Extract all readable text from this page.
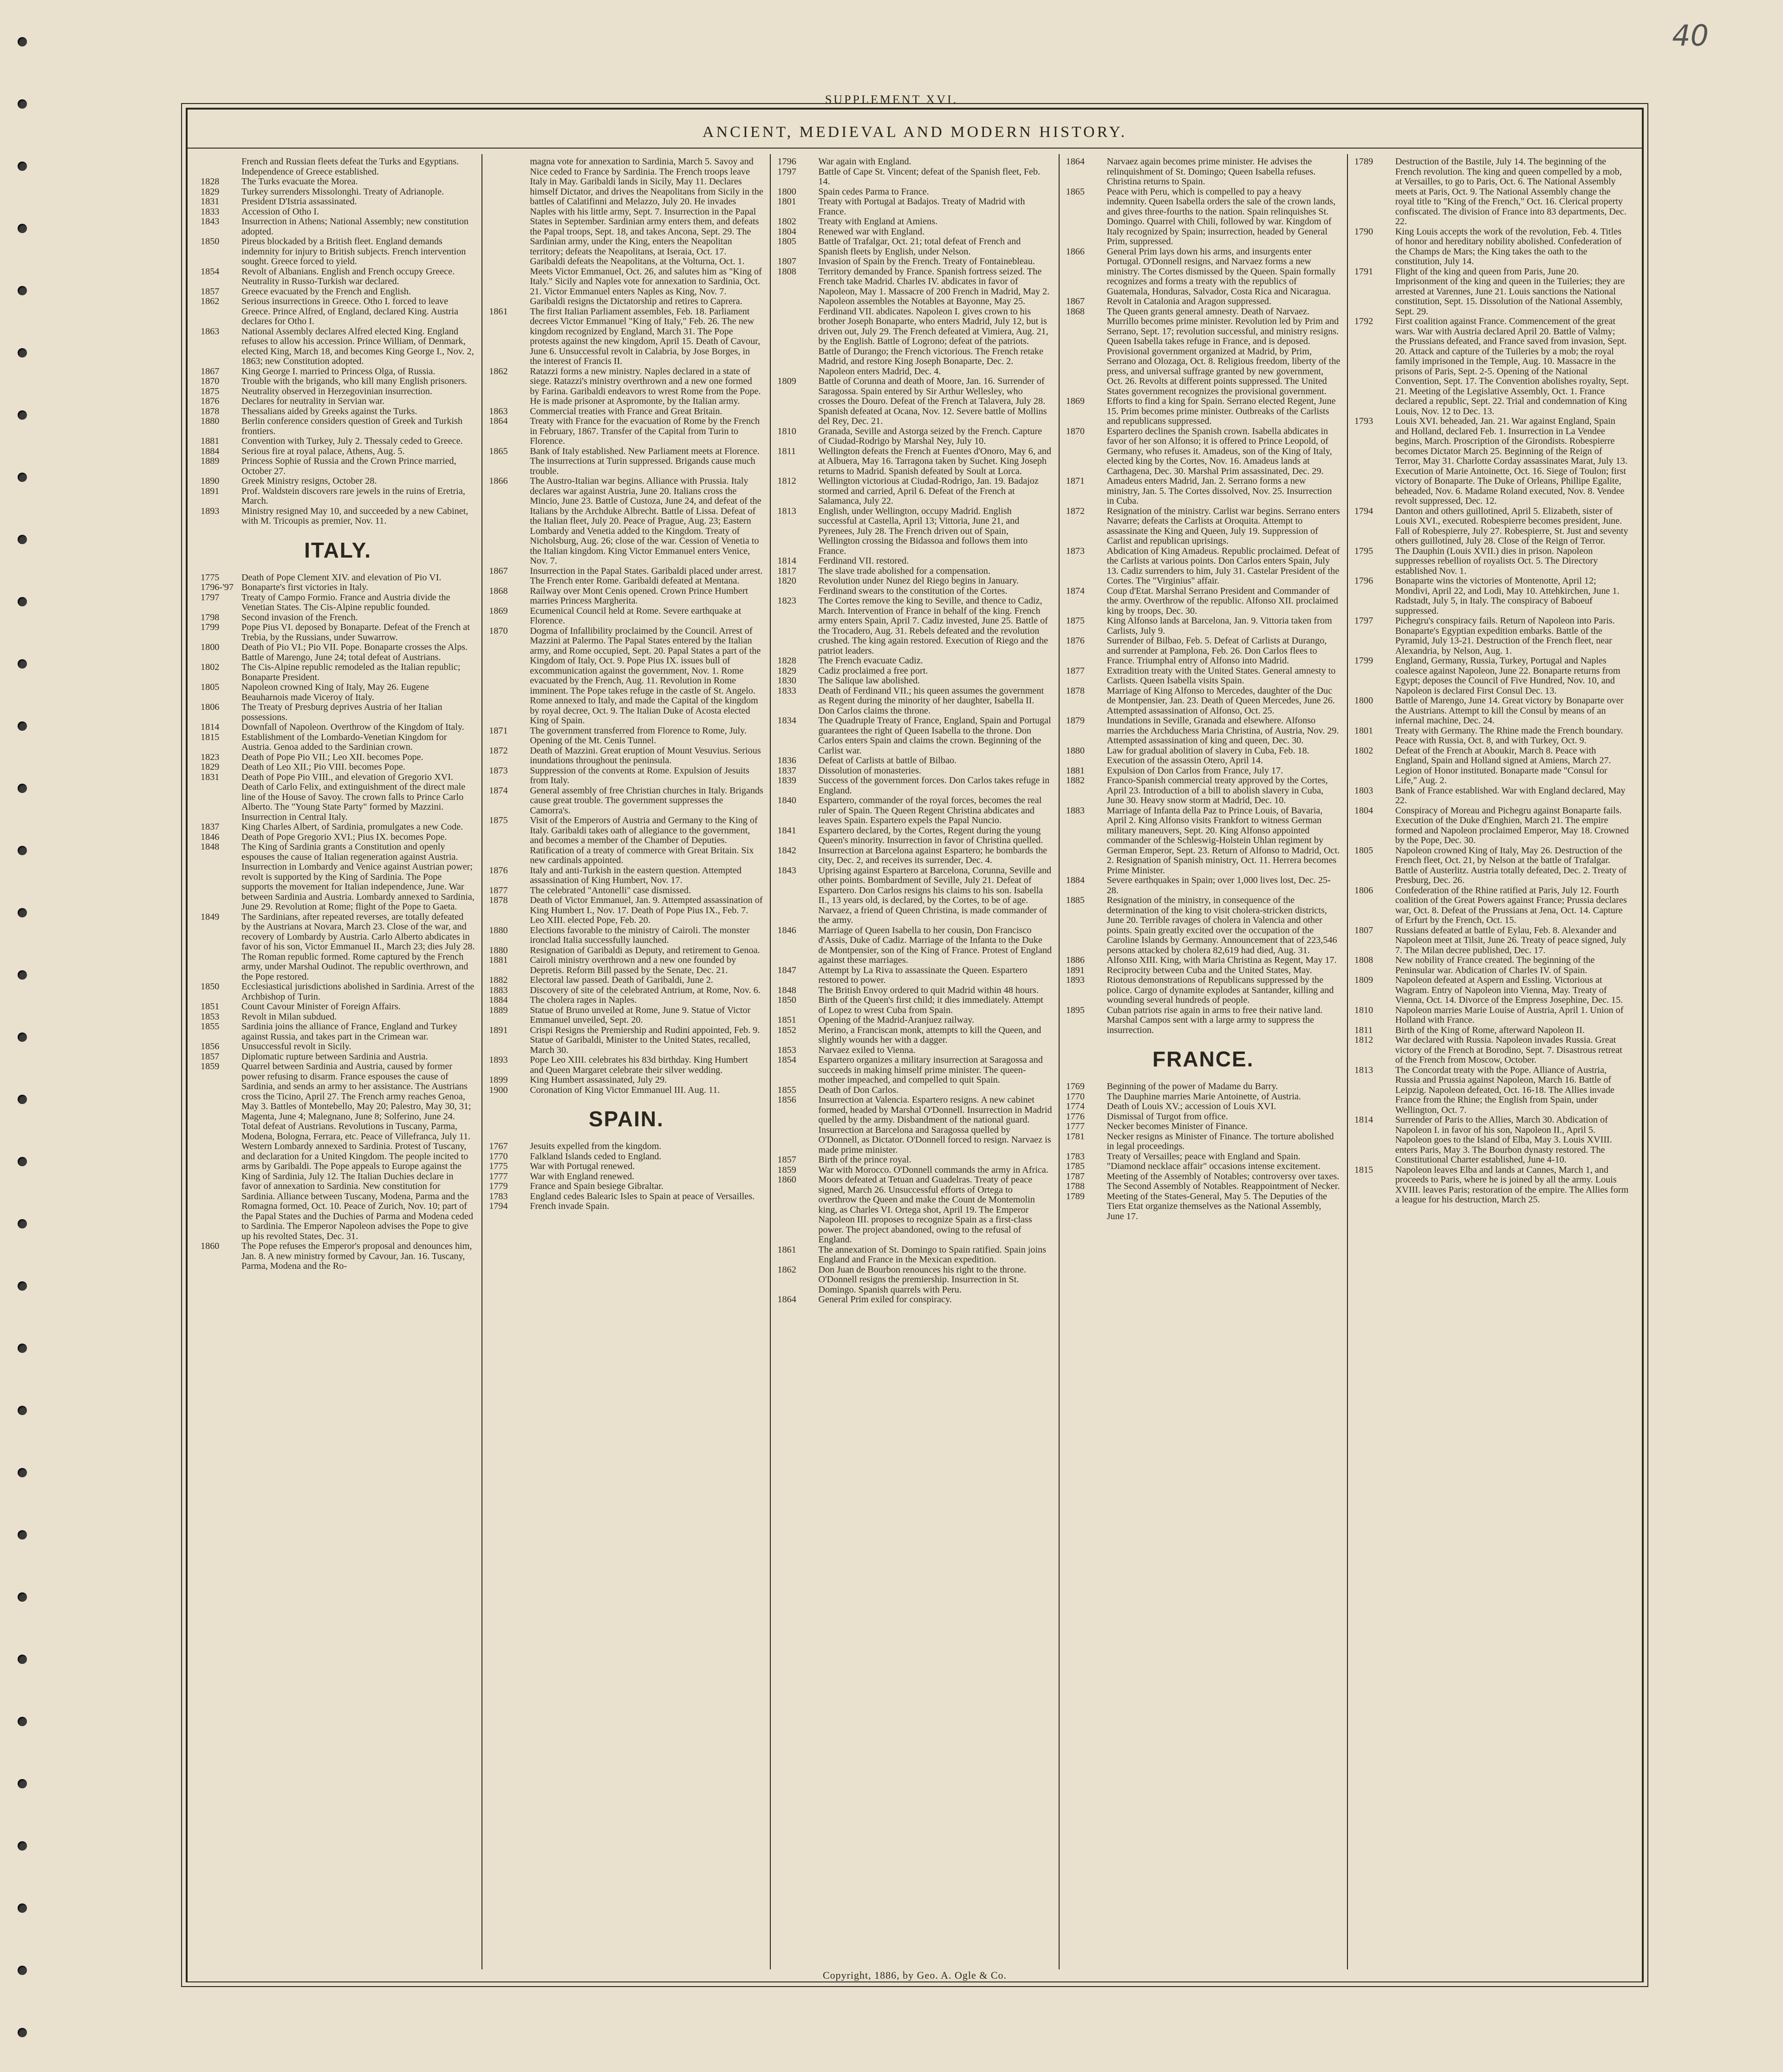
40
SUPPLEMENT XVI.
ANCIENT, MEDIEVAL AND MODERN HISTORY.
French and Russian fleets defeat the Turks and Egyptians.
Independence of Greece established.
1828	The Turks evacuate the Morea.
1829	Turkey surrenders Missolonghi. Treaty of Adrianople.
1831	President D'Istria assassinated.
1833	Accession of Otho I.
1843	Insurrection in Athens; National Assembly; new constitution adopted.
1850	Pireus blockaded by a British fleet. England demands indemnity for injury to British subjects. French intervention sought. Greece forced to yield.
1854	Revolt of Albanians. English and French occupy Greece. Neutrality in Russo-Turkish war declared.
1857	Greece evacuated by the French and English.
1862	Serious insurrections in Greece. Otho I. forced to leave Greece. Prince Alfred, of England, declared King. Austria declares for Otho I.
1863	National Assembly declares Alfred elected King. England refuses to allow his accession. Prince William, of Denmark, elected King, March 18, and becomes King George I., Nov. 2, 1863; new Constitution adopted.
1867	King George I. married to Princess Olga, of Russia.
1870	Trouble with the brigands, who kill many English prisoners.
1875	Neutrality observed in Herzegovinian insurrection.
1876	Declares for neutrality in Servian war.
1878	Thessalians aided by Greeks against the Turks.
1880	Berlin conference considers question of Greek and Turkish frontiers.
1881	Convention with Turkey, July 2. Thessaly ceded to Greece.
1884	Serious fire at royal palace, Athens, Aug. 5.
1889	Princess Sophie of Russia and the Crown Prince married, October 27.
1890	Greek Ministry resigns, October 28.
1891	Prof. Waldstein discovers rare jewels in the ruins of Eretria, March.
1893	Ministry resigned May 10, and succeeded by a new Cabinet, with M. Tricoupis as premier, Nov. 11.
ITALY.
1775	Death of Pope Clement XIV. and elevation of Pio VI.
1796-'97 Bonaparte's first victories in Italy.
1797	Treaty of Campo Formio. France and Austria divide the Venetian States. The Cis-Alpine republic founded.
1798	Second invasion of the French.
1799	Pope Pius VI. deposed by Bonaparte. Defeat of the French at Trebia, by the Russians, under Suwarrow.
1800	Death of Pio VI.; Pio VII. Pope. Bonaparte crosses the Alps. Battle of Marengo, June 24; total defeat of Austrians.
1802	The Cis-Alpine republic remodeled as the Italian republic; Bonaparte President.
1805	Napoleon crowned King of Italy, May 26. Eugene Beauharnois made Viceroy of Italy.
1806	The Treaty of Presburg deprives Austria of her Italian possessions.
1814	Downfall of Napoleon. Overthrow of the Kingdom of Italy.
1815	Establishment of the Lombardo-Venetian Kingdom for Austria. Genoa added to the Sardinian crown.
1823	Death of Pope Pio VII.; Leo XII. becomes Pope.
1829	Death of Leo XII.; Pio VIII. becomes Pope.
1831	Death of Pope Pio VIII., and elevation of Gregorio XVI. Death of Carlo Felix, and extinguishment of the direct male line of the House of Savoy. The crown falls to Prince Carlo Alberto. The "Young State Party" formed by Mazzini. Insurrection in Central Italy.
1837	King Charles Albert, of Sardinia, promulgates a new Code.
1846	Death of Pope Gregorio XVI.; Pius IX. becomes Pope.
1848	The King of Sardinia grants a Constitution and openly espouses the cause of Italian regeneration against Austria. Insurrection in Lombardy and Venice against Austrian power; revolt is supported by the King of Sardinia. The Pope supports the movement for Italian independence, June. War between Sardinia and Austria. Lombardy annexed to Sardinia, June 29. Revolution at Rome; flight of the Pope to Gaeta.
1849	The Sardinians, after repeated reverses, are totally defeated by the Austrians at Novara, March 23. Close of the war, and recovery of Lombardy by Austria. Carlo Alberto abdicates in favor of his son, Victor Emmanuel II., March 23; dies July 28. The Roman republic formed. Rome captured by the French army, under Marshal Oudinot. The republic overthrown, and the Pope restored.
1850	Ecclesiastical jurisdictions abolished in Sardinia. Arrest of the Archbishop of Turin.
1851	Count Cavour Minister of Foreign Affairs.
1853	Revolt in Milan subdued.
1855	Sardinia joins the alliance of France, England and Turkey against Russia, and takes part in the Crimean war.
1856	Unsuccessful revolt in Sicily.
1857	Diplomatic rupture between Sardinia and Austria.
1859	Quarrel between Sardinia and Austria, caused by former power refusing to disarm. France espouses the cause of Sardinia, and sends an army to her assistance. The Austrians cross the Ticino, April 27. The French army reaches Genoa, May 3. Battles of Montebello, May 20; Palestro, May 30, 31; Magenta, June 4; Malegnano, June 8; Solferino, June 24. Total defeat of Austrians. Revolutions in Tuscany, Parma, Modena, Bologna, Ferrara, etc. Peace of Villefranca, July 11. Western Lombardy annexed to Sardinia. Protest of Tuscany, and declaration for a United Kingdom. The people incited to arms by Garibaldi. The Pope appeals to Europe against the King of Sardinia, July 12. The Italian Duchies declare in favor of annexation to Sardinia. New constitution for Sardinia. Alliance between Tuscany, Modena, Parma and the Romagna formed, Oct. 10. Peace of Zurich, Nov. 10; part of the Papal States and the Duchies of Parma and Modena ceded to Sardinia. The Emperor Napoleon advises the Pope to give up his revolted States, Dec. 31.
1860	The Pope refuses the Emperor's proposal and denounces him, Jan. 8. A new ministry formed by Cavour, Jan. 16. Tuscany, Parma, Modena and the Ro-
magna vote for annexation to Sardinia, March 5. Savoy and Nice ceded to France by Sardinia. The French troops leave Italy in May. Garibaldi lands in Sicily, May 11. Declares himself Dictator, and drives the Neapolitans from Sicily in the battles of Calatifinni and Melazzo, July 20. He invades Naples with his little army, Sept. 7. Insurrection in the Papal States in September. Sardinian army enters them, and defeats the Papal troops, Sept. 18, and takes Ancona, Sept. 29. The Sardinian army, under the King, enters the Neapolitan territory; defeats the Neapolitans, at Iseraia, Oct. 17. Garibaldi defeats the Neapolitans, at the Volturna, Oct. 1. Meets Victor Emmanuel, Oct. 26, and salutes him as "King of Italy." Sicily and Naples vote for annexation to Sardinia, Oct. 21. Victor Emmanuel enters Naples as King, Nov. 7. Garibaldi resigns the Dictatorship and retires to Caprera.
1861	The first Italian Parliament assembles, Feb. 18. Parliament decrees Victor Emmanuel "King of Italy," Feb. 26. The new kingdom recognized by England, March 31. The Pope protests against the new kingdom, April 15. Death of Cavour, June 6. Unsuccessful revolt in Calabria, by Jose Borges, in the interest of Francis II.
1862	Ratazzi forms a new ministry. Naples declared in a state of siege. Ratazzi's ministry overthrown and a new one formed by Farina. Garibaldi endeavors to wrest Rome from the Pope. He is made prisoner at Aspromonte, by the Italian army.
1863	Commercial treaties with France and Great Britain.
1864	Treaty with France for the evacuation of Rome by the French in February, 1867. Transfer of the Capital from Turin to Florence.
1865	Bank of Italy established. New Parliament meets at Florence. The insurrections at Turin suppressed. Brigands cause much trouble.
1866	The Austro-Italian war begins. Alliance with Prussia. Italy declares war against Austria, June 20. Italians cross the Mincio, June 23. Battle of Custoza, June 24, and defeat of the Italians by the Archduke Albrecht. Battle of Lissa. Defeat of the Italian fleet, July 20. Peace of Prague, Aug. 23; Eastern Lombardy and Venetia added to the Kingdom. Treaty of Nicholsburg, Aug. 26; close of the war. Cession of Venetia to the Italian kingdom. King Victor Emmanuel enters Venice, Nov. 7.
1867	Insurrection in the Papal States. Garibaldi placed under arrest. The French enter Rome. Garibaldi defeated at Mentana.
1868	Railway over Mont Cenis opened. Crown Prince Humbert marries Princess Margherita.
1869	Ecumenical Council held at Rome. Severe earthquake at Florence.
1870	Dogma of Infallibility proclaimed by the Council. Arrest of Mazzini at Palermo. The Papal States entered by the Italian army, and Rome occupied, Sept. 20. Papal States a part of the Kingdom of Italy, Oct. 9. Pope Pius IX. issues bull of excommunication against the government, Nov. 1. Rome evacuated by the French, Aug. 11. Revolution in Rome imminent. The Pope takes refuge in the castle of St. Angelo. Rome annexed to Italy, and made the Capital of the kingdom by royal decree, Oct. 9. The Italian Duke of Acosta elected King of Spain.
1871	The government transferred from Florence to Rome, July. Opening of the Mt. Cenis Tunnel.
1872	Death of Mazzini. Great eruption of Mount Vesuvius. Serious inundations throughout the peninsula.
1873	Suppression of the convents at Rome. Expulsion of Jesuits from Italy.
1874	General assembly of free Christian churches in Italy. Brigands cause great trouble. The government suppresses the Camorra's.
1875	Visit of the Emperors of Austria and Germany to the King of Italy. Garibaldi takes oath of allegiance to the government, and becomes a member of the Chamber of Deputies. Ratification of a treaty of commerce with Great Britain. Six new cardinals appointed.
1876	Italy and anti-Turkish in the eastern question. Attempted assassination of King Humbert, Nov. 17.
1877	The celebrated "Antonelli" case dismissed.
1878	Death of Victor Emmanuel, Jan. 9. Attempted assassination of King Humbert I., Nov. 17. Death of Pope Pius IX., Feb. 7. Leo XIII. elected Pope, Feb. 20.
1880	Elections favorable to the ministry of Cairoli. The monster ironclad Italia successfully launched.
1880	Resignation of Garibaldi as Deputy, and retirement to Genoa.
1881	Cairoli ministry overthrown and a new one founded by Depretis. Reform Bill passed by the Senate, Dec. 21.
1882	Electoral law passed. Death of Garibaldi, June 2.
1883	Discovery of site of the celebrated Antrium, at Rome, Nov. 6.
1884	The cholera rages in Naples.
1889	Statue of Bruno unveiled at Rome, June 9. Statue of Victor Emmanuel unveiled, Sept. 20.
1891	Crispi Resigns the Premiership and Rudini appointed, Feb. 9. Statue of Garibaldi, Minister to the United States, recalled, March 30.
1893	Pope Leo XIII. celebrates his 83d birthday. King Humbert and Queen Margaret celebrate their silver wedding.
1899	King Humbert assassinated, July 29.
1900	Coronation of King Victor Emmanuel III. Aug. 11.
SPAIN.
1767	Jesuits expelled from the kingdom.
1770	Falkland Islands ceded to England.
1775	War with Portugal renewed.
1777	War with England renewed.
1779	France and Spain besiege Gibraltar.
1783	England cedes Balearic Isles to Spain at peace of Versailles.
1794	French invade Spain.
1796	War again with England.
1797	Battle of Cape St. Vincent; defeat of the Spanish fleet, Feb. 14.
1800	Spain cedes Parma to France.
1801	Treaty with Portugal at Badajos. Treaty of Madrid with France.
1802	Treaty with England at Amiens.
1804	Renewed war with England.
1805	Battle of Trafalgar, Oct. 21; total defeat of French and Spanish fleets by English, under Nelson.
1807	Invasion of Spain by the French. Treaty of Fontainebleau.
1808	Territory demanded by France. Spanish fortress seized. The French take Madrid. Charles IV. abdicates in favor of Napoleon, May 1. Massacre of 200 French in Madrid, May 2. Napoleon assembles the Notables at Bayonne, May 25. Ferdinand VII. abdicates. Napoleon I. gives crown to his brother Joseph Bonaparte, who enters Madrid, July 12, but is driven out, July 29. The French defeated at Vimiera, Aug. 21, by the English. Battle of Logrono; defeat of the patriots. Battle of Durango; the French victorious. The French retake Madrid, and restore King Joseph Bonaparte, Dec. 2. Napoleon enters Madrid, Dec. 4.
1809	Battle of Corunna and death of Moore, Jan. 16. Surrender of Saragossa. Spain entered by Sir Arthur Wellesley, who crosses the Douro. Defeat of the French at Talavera, July 28. Spanish defeated at Ocana, Nov. 12. Severe battle of Mollins del Rey, Dec. 21.
1810	Granada, Seville and Astorga seized by the French. Capture of Ciudad-Rodrigo by Marshal Ney, July 10.
1811	Wellington defeats the French at Fuentes d'Onoro, May 6, and at Albuera, May 16. Tarragona taken by Suchet. King Joseph returns to Madrid. Spanish defeated by Soult at Lorca.
1812	Wellington victorious at Ciudad-Rodrigo, Jan. 19. Badajoz stormed and carried, April 6. Defeat of the French at Salamanca, July 22.
1813	English, under Wellington, occupy Madrid. English successful at Castella, April 13; Vittoria, June 21, and Pyrenees, July 28. The French driven out of Spain, Wellington crossing the Bidassoa and follows them into France.
1814	Ferdinand VII. restored.
1817	The slave trade abolished for a compensation.
1820	Revolution under Nunez del Riego begins in January. Ferdinand swears to the constitution of the Cortes.
1823	The Cortes remove the king to Seville, and thence to Cadiz, March. Intervention of France in behalf of the king. French army enters Spain, April 7. Cadiz invested, June 25. Battle of the Trocadero, Aug. 31. Rebels defeated and the revolution crushed. The king again restored. Execution of Riego and the patriot leaders.
1828	The French evacuate Cadiz.
1829	Cadiz proclaimed a free port.
1830	The Salique law abolished.
1833	Death of Ferdinand VII.; his queen assumes the government as Regent during the minority of her daughter, Isabella II. Don Carlos claims the throne.
1834	The Quadruple Treaty of France, England, Spain and Portugal guarantees the right of Queen Isabella to the throne. Don Carlos enters Spain and claims the crown. Beginning of the Carlist war.
1836	Defeat of Carlists at battle of Bilbao.
1837	Dissolution of monasteries.
1839	Success of the government forces. Don Carlos takes refuge in England.
1840	Espartero, commander of the royal forces, becomes the real ruler of Spain. The Queen Regent Christina abdicates and leaves Spain. Espartero expels the Papal Nuncio.
1841	Espartero declared, by the Cortes, Regent during the young Queen's minority. Insurrection in favor of Christina quelled.
1842	Insurrection at Barcelona against Espartero; he bombards the city, Dec. 2, and receives its surrender, Dec. 4.
1843	Uprising against Espartero at Barcelona, Corunna, Seville and other points. Bombardment of Seville, July 21. Defeat of Espartero. Don Carlos resigns his claims to his son. Isabella II., 13 years old, is declared, by the Cortes, to be of age. Narvaez, a friend of Queen Christina, is made commander of the army.
1846	Marriage of Queen Isabella to her cousin, Don Francisco d'Assis, Duke of Cadiz. Marriage of the Infanta to the Duke de Montpensier, son of the King of France. Protest of England against these marriages.
1847	Attempt by La Riva to assassinate the Queen. Espartero restored to power.
1848	The British Envoy ordered to quit Madrid within 48 hours.
1850	Birth of the Queen's first child; it dies immediately. Attempt of Lopez to wrest Cuba from Spain.
1851	Opening of the Madrid-Aranjuez railway.
1852	Merino, a Franciscan monk, attempts to kill the Queen, and slightly wounds her with a dagger.
1853	Narvaez exiled to Vienna.
1854	Espartero organizes a military insurrection at Saragossa and succeeds in making himself prime minister. The queen-mother impeached, and compelled to quit Spain.
1855	Death of Don Carlos.
1856	Insurrection at Valencia. Espartero resigns. A new cabinet formed, headed by Marshal O'Donnell. Insurrection in Madrid quelled by the army. Disbandment of the national guard. Insurrection at Barcelona and Saragossa quelled by O'Donnell, as Dictator. O'Donnell forced to resign. Narvaez is made prime minister.
1857	Birth of the prince royal.
1859	War with Morocco. O'Donnell commands the army in Africa.
1860	Moors defeated at Tetuan and Guadelras. Treaty of peace signed, March 26. Unsuccessful efforts of Ortega to overthrow the Queen and make the Count de Montemolin king, as Charles VI. Ortega shot, April 19. The Emperor Napoleon III. proposes to recognize Spain as a first-class power. The project abandoned, owing to the refusal of England.
1861	The annexation of St. Domingo to Spain ratified. Spain joins England and France in the Mexican expedition.
1862	Don Juan de Bourbon renounces his right to the throne. O'Donnell resigns the premiership. Insurrection in St. Domingo. Spanish quarrels with Peru.
1864	General Prim exiled for conspiracy.
1864	Narvaez again becomes prime minister. He advises the relinquishment of St. Domingo; Queen Isabella refuses. Christina returns to Spain.
1865	Peace with Peru, which is compelled to pay a heavy indemnity. Queen Isabella orders the sale of the crown lands, and gives three-fourths to the nation. Spain relinquishes St. Domingo. Quarrel with Chili, followed by war. Kingdom of Italy recognized by Spain; insurrection, headed by General Prim, suppressed.
1866	General Prim lays down his arms, and insurgents enter Portugal. O'Donnell resigns, and Narvaez forms a new ministry. The Cortes dismissed by the Queen. Spain formally recognizes and forms a treaty with the republics of Guatemala, Honduras, Salvador, Costa Rica and Nicaragua.
1867	Revolt in Catalonia and Aragon suppressed.
1868	The Queen grants general amnesty. Death of Narvaez. Murrillo becomes prime minister. Revolution led by Prim and Serrano, Sept. 17; revolution successful, and ministry resigns. Queen Isabella takes refuge in France, and is deposed. Provisional government organized at Madrid, by Prim, Serrano and Olozaga, Oct. 8. Religious freedom, liberty of the press, and universal suffrage granted by new government, Oct. 26. Revolts at different points suppressed. The United States government recognizes the provisional government.
1869	Efforts to find a king for Spain. Serrano elected Regent, June 15. Prim becomes prime minister. Outbreaks of the Carlists and republicans suppressed.
1870	Espartero declines the Spanish crown. Isabella abdicates in favor of her son Alfonso; it is offered to Prince Leopold, of Germany, who refuses it. Amadeus, son of the King of Italy, elected king by the Cortes, Nov. 16. Amadeus lands at Carthagena, Dec. 30. Marshal Prim assassinated, Dec. 29.
1871	Amadeus enters Madrid, Jan. 2. Serrano forms a new ministry, Jan. 5. The Cortes dissolved, Nov. 25. Insurrection in Cuba.
1872	Resignation of the ministry. Carlist war begins. Serrano enters Navarre; defeats the Carlists at Oroquita. Attempt to assassinate the King and Queen, July 19. Suppression of Carlist and republican uprisings.
1873	Abdication of King Amadeus. Republic proclaimed. Defeat of the Carlists at various points. Don Carlos enters Spain, July 13. Cadiz surrenders to him, July 31. Castelar President of the Cortes. The "Virginius" affair.
1874	Coup d'Etat. Marshal Serrano President and Commander of the army. Overthrow of the republic. Alfonso XII. proclaimed king by troops, Dec. 30.
1875	King Alfonso lands at Barcelona, Jan. 9. Vittoria taken from Carlists, July 9.
1876	Surrender of Bilbao, Feb. 5. Defeat of Carlists at Durango, and surrender at Pamplona, Feb. 26. Don Carlos flees to France. Triumphal entry of Alfonso into Madrid.
1877	Extradition treaty with the United States. General amnesty to Carlists. Queen Isabella visits Spain.
1878	Marriage of King Alfonso to Mercedes, daughter of the Duc de Montpensier, Jan. 23. Death of Queen Mercedes, June 26. Attempted assassination of Alfonso, Oct. 25.
1879	Inundations in Seville, Granada and elsewhere. Alfonso marries the Archduchess Maria Christina, of Austria, Nov. 29. Attempted assassination of king and queen, Dec. 30.
1880	Law for gradual abolition of slavery in Cuba, Feb. 18. Execution of the assassin Otero, April 14.
1881	Expulsion of Don Carlos from France, July 17.
1882	Franco-Spanish commercial treaty approved by the Cortes, April 23. Introduction of a bill to abolish slavery in Cuba, June 30. Heavy snow storm at Madrid, Dec. 10.
1883	Marriage of Infanta della Paz to Prince Louis, of Bavaria, April 2. King Alfonso visits Frankfort to witness German military maneuvers, Sept. 20. King Alfonso appointed commander of the Schleswig-Holstein Uhlan regiment by German Emperor, Sept. 23. Return of Alfonso to Madrid, Oct. 2. Resignation of Spanish ministry, Oct. 11. Herrera becomes Prime Minister.
1884	Severe earthquakes in Spain; over 1,000 lives lost, Dec. 25-28.
1885	Resignation of the ministry, in consequence of the determination of the king to visit cholera-stricken districts, June 20. Terrible ravages of cholera in Valencia and other points. Spain greatly excited over the occupation of the Caroline Islands by Germany. Announcement that of 223,546 persons attacked by cholera 82,619 had died, Aug. 31.
1886	Alfonso XIII. King, with Maria Christina as Regent, May 17.
1891	Reciprocity between Cuba and the United States, May.
1893	Riotous demonstrations of Republicans suppressed by the police. Cargo of dynamite explodes at Santander, killing and wounding several hundreds of people.
1895	Cuban patriots rise again in arms to free their native land. Marshal Campos sent with a large army to suppress the insurrection.
FRANCE.
1769	Beginning of the power of Madame du Barry.
1770	The Dauphine marries Marie Antoinette, of Austria.
1774	Death of Louis XV.; accession of Louis XVI.
1776	Dismissal of Turgot from office.
1777	Necker becomes Minister of Finance.
1781	Necker resigns as Minister of Finance. The torture abolished in legal proceedings.
1783	Treaty of Versailles; peace with England and Spain.
1785	"Diamond necklace affair" occasions intense excitement.
1787	Meeting of the Assembly of Notables; controversy over taxes.
1788	The Second Assembly of Notables. Reappointment of Necker.
1789	Meeting of the States-General, May 5. The Deputies of the Tiers Etat organize themselves as the National Assembly, June 17.
1789	Destruction of the Bastile, July 14. The beginning of the French revolution. The king and queen compelled by a mob, at Versailles, to go to Paris, Oct. 6. The National Assembly meets at Paris, Oct. 9. The National Assembly change the royal title to "King of the French," Oct. 16. Clerical property confiscated. The division of France into 83 departments, Dec. 22.
1790	King Louis accepts the work of the revolution, Feb. 4. Titles of honor and hereditary nobility abolished. Confederation of the Champs de Mars; the King takes the oath to the constitution, July 14.
1791	Flight of the king and queen from Paris, June 20. Imprisonment of the king and queen in the Tuileries; they are arrested at Varennes, June 21. Louis sanctions the National constitution, Sept. 15. Dissolution of the National Assembly, Sept. 29.
1792	First coalition against France. Commencement of the great wars. War with Austria declared April 20. Battle of Valmy; the Prussians defeated, and France saved from invasion, Sept. 20. Attack and capture of the Tuileries by a mob; the royal family imprisoned in the Temple, Aug. 10. Massacre in the prisons of Paris, Sept. 2-5. Opening of the National Convention, Sept. 17. The Convention abolishes royalty, Sept. 21. Meeting of the Legislative Assembly, Oct. 1. France declared a republic, Sept. 22. Trial and condemnation of King Louis, Nov. 12 to Dec. 13.
1793	Louis XVI. beheaded, Jan. 21. War against England, Spain and Holland, declared Feb. 1. Insurrection in La Vendee begins, March. Proscription of the Girondists. Robespierre becomes Dictator March 25. Beginning of the Reign of Terror, May 31. Charlotte Corday assassinates Marat, July 13. Execution of Marie Antoinette, Oct. 16. Siege of Toulon; first victory of Bonaparte. The Duke of Orleans, Phillipe Egalite, beheaded, Nov. 6. Madame Roland executed, Nov. 8. Vendee revolt suppressed, Dec. 12.
1794	Danton and others guillotined, April 5. Elizabeth, sister of Louis XVI., executed. Robespierre becomes president, June. Fall of Robespierre, July 27. Robespierre, St. Just and seventy others guillotined, July 28. Close of the Reign of Terror.
1795	The Dauphin (Louis XVII.) dies in prison. Napoleon suppresses rebellion of royalists Oct. 5. The Directory established Nov. 1.
1796	Bonaparte wins the victories of Montenotte, April 12; Mondivi, April 22, and Lodi, May 10. Attehkirchen, June 1. Radstadt, July 5, in Italy. The conspiracy of Baboeuf suppressed.
1797	Pichegru's conspiracy fails. Return of Napoleon into Paris. Bonaparte's Egyptian expedition embarks. Battle of the Pyramid, July 13-21. Destruction of the French fleet, near Alexandria, by Nelson, Aug. 1.
1799	England, Germany, Russia, Turkey, Portugal and Naples coalesce against Napoleon, June 22. Bonaparte returns from Egypt; deposes the Council of Five Hundred, Nov. 10, and Napoleon is declared First Consul Dec. 13.
1800	Battle of Marengo, June 14. Great victory by Bonaparte over the Austrians. Attempt to kill the Consul by means of an infernal machine, Dec. 24.
1801	Treaty with Germany. The Rhine made the French boundary. Peace with Russia, Oct. 8, and with Turkey, Oct. 9.
1802	Defeat of the French at Aboukir, March 8. Peace with England, Spain and Holland signed at Amiens, March 27. Legion of Honor instituted. Bonaparte made "Consul for Life," Aug. 2.
1803	Bank of France established. War with England declared, May 22.
1804	Conspiracy of Moreau and Pichegru against Bonaparte fails. Execution of the Duke d'Enghien, March 21. The empire formed and Napoleon proclaimed Emperor, May 18. Crowned by the Pope, Dec. 30.
1805	Napoleon crowned King of Italy, May 26. Destruction of the French fleet, Oct. 21, by Nelson at the battle of Trafalgar. Battle of Austerlitz. Austria totally defeated, Dec. 2. Treaty of Presburg, Dec. 26.
1806	Confederation of the Rhine ratified at Paris, July 12. Fourth coalition of the Great Powers against France; Prussia declares war, Oct. 8. Defeat of the Prussians at Jena, Oct. 14. Capture of Erfurt by the French, Oct. 15.
1807	Russians defeated at battle of Eylau, Feb. 8. Alexander and Napoleon meet at Tilsit, June 26. Treaty of peace signed, July 7. The Milan decree published, Dec. 17.
1808	New nobility of France created. The beginning of the Peninsular war. Abdication of Charles IV. of Spain.
1809	Napoleon defeated at Aspern and Essling. Victorious at Wagram. Entry of Napoleon into Vienna, May. Treaty of Vienna, Oct. 14. Divorce of the Empress Josephine, Dec. 15.
1810	Napoleon marries Marie Louise of Austria, April 1. Union of Holland with France.
1811	Birth of the King of Rome, afterward Napoleon II.
1812	War declared with Russia. Napoleon invades Russia. Great victory of the French at Borodino, Sept. 7. Disastrous retreat of the French from Moscow, October.
1813	The Concordat treaty with the Pope. Alliance of Austria, Russia and Prussia against Napoleon, March 16. Battle of Leipzig. Napoleon defeated, Oct. 16-18. The Allies invade France from the Rhine; the English from Spain, under Wellington, Oct. 7.
1814	Surrender of Paris to the Allies, March 30. Abdication of Napoleon I. in favor of his son, Napoleon II., April 5. Napoleon goes to the Island of Elba, May 3. Louis XVIII. enters Paris, May 3. The Bourbon dynasty restored. The Constitutional Charter established, June 4-10.
1815	Napoleon leaves Elba and lands at Cannes, March 1, and proceeds to Paris, where he is joined by all the army. Louis XVIII. leaves Paris; restoration of the empire. The Allies form a league for his destruction, March 25.
Copyright, 1886, by Geo. A. Ogle & Co.
